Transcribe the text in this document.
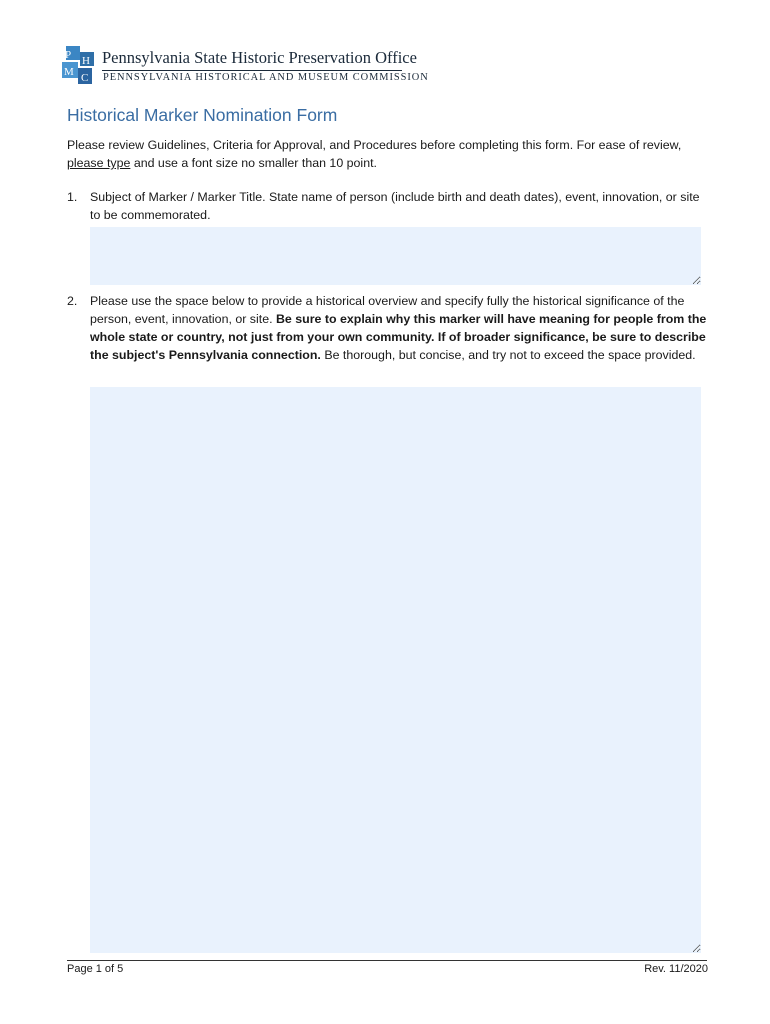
P H
M C
Pennsylvania State Historic Preservation Office
PENNSYLVANIA HISTORICAL AND MUSEUM COMMISSION
Historical Marker Nomination Form

Please review Guidelines, Criteria for Approval, and Procedures before completing this form. For ease of review, please type and use a font size no smaller than 10 point.

1. Subject of Marker / Marker Title. State name of person (include birth and death dates), event, innovation, or site to be commemorated.
2. Please use the space below to provide a historical overview and specify fully the historical significance of the person, event, innovation, or site. Be sure to explain why this marker will have meaning for people from the whole state or country, not just from your own community. If of broader significance, be sure to describe the subject's Pennsylvania connection. Be thorough, but concise, and try not to exceed the space provided.
Page 1 of 5	Rev. 11/2020
